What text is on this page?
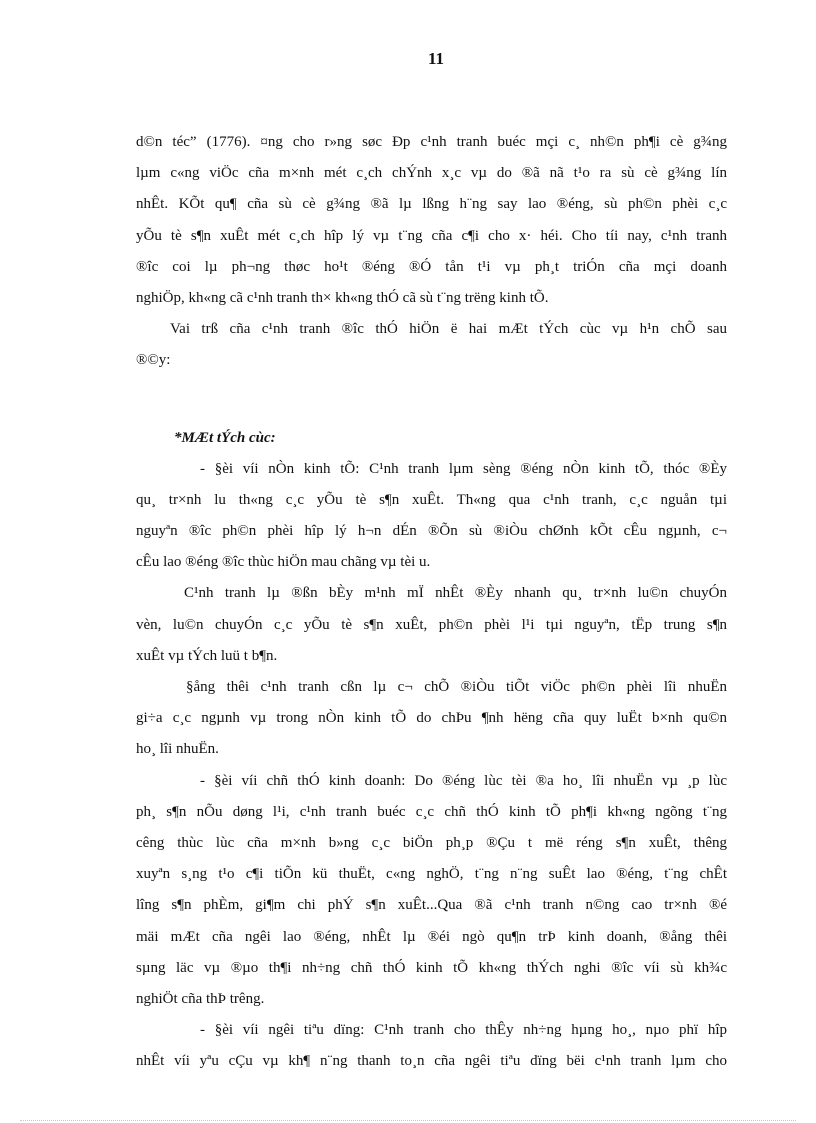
11
d©n téc” (1776). ¤ng cho r»ng søc Ðp c¹nh tranh buéc mçi c¸ nh©n ph¶i cè g¾ng
lµm c«ng viÖc cña m×nh mét c¸ch chÝnh x¸c vµ do ®ã nã t¹o ra sù cè g¾ng lín
nhÊt. KÕt qu¶ cña sù cè g¾ng ®ã lµ lßng h¨ng say lao ®éng, sù ph©n phèi c¸c
yÕu tè s¶n xuÊt mét c¸ch hîp lý vµ t¨ng cña c¶i cho x· héi. Cho tíi nay, c¹nh tranh
®îc coi lµ ph¬ng thøc ho¹t ®éng ®Ó tån t¹i vµ ph¸t triÓn cña mçi doanh
nghiÖp, kh«ng cã c¹nh tranh th× kh«ng thÓ cã sù t¨ng trëng kinh tÕ.
Vai trß cña c¹nh tranh ®îc thÓ hiÖn ë hai mÆt tÝch cùc vµ h¹n chÕ sau
®©y:
*MÆt tÝch cùc:
- §èi víi nÒn kinh tÕ: C¹nh tranh lµm sèng ®éng nÒn kinh tÕ, thóc ®Èy
qu¸ tr×nh lu th«ng c¸c yÕu tè s¶n xuÊt. Th«ng qua c¹nh tranh, c¸c nguån tµi
nguyªn ®îc ph©n phèi hîp lý h¬n dÉn ®Õn sù ®iÒu chØnh kÕt cÊu ngµnh, c¬
cÊu lao ®éng ®îc thùc hiÖn mau chãng vµ tèi u.
C¹nh tranh lµ ®ßn bÈy m¹nh mÏ nhÊt ®Èy nhanh qu¸ tr×nh lu©n chuyÓn
vèn, lu©n chuyÓn c¸c yÕu tè s¶n xuÊt, ph©n phèi l¹i tµi nguyªn, tËp trung s¶n
xuÊt vµ tÝch luü t b¶n.
§ång thêi c¹nh tranh cßn lµ c¬ chÕ ®iÒu tiÕt viÖc ph©n phèi lîi nhuËn
gi÷a c¸c ngµnh vµ trong nÒn kinh tÕ do chÞu ¶nh hëng cña quy luËt b×nh qu©n
ho¸ lîi nhuËn.
- §èi víi chñ thÓ kinh doanh: Do ®éng lùc tèi ®a ho¸ lîi nhuËn vµ ¸p lùc
ph¸ s¶n nÕu døng l¹i, c¹nh tranh buéc c¸c chñ thÓ kinh tÕ ph¶i kh«ng ngõng t¨ng
cêng thùc lùc cña m×nh b»ng c¸c biÖn ph¸p ®Çu t më réng s¶n xuÊt, thêng
xuyªn s¸ng t¹o c¶i tiÕn kü thuËt, c«ng nghÖ, t¨ng n¨ng suÊt lao ®éng, t¨ng chÊt
lîng s¶n phÈm, gi¶m chi phÝ s¶n xuÊt...Qua ®ã c¹nh tranh n©ng cao tr×nh ®é
mäi mÆt cña ngêi lao ®éng, nhÊt lµ ®éi ngò qu¶n trÞ kinh doanh, ®ång thêi
sµng läc vµ ®µo th¶i nh÷ng chñ thÓ kinh tÕ kh«ng thÝch nghi ®îc víi sù kh¾c
nghiÖt cña thÞ trêng.
- §èi víi ngêi tiªu dïng: C¹nh tranh cho thÊy nh÷ng hµng ho¸, nµo phï hîp
nhÊt víi yªu cÇu vµ kh¶ n¨ng thanh to¸n cña ngêi tiªu dïng bëi c¹nh tranh lµm cho
